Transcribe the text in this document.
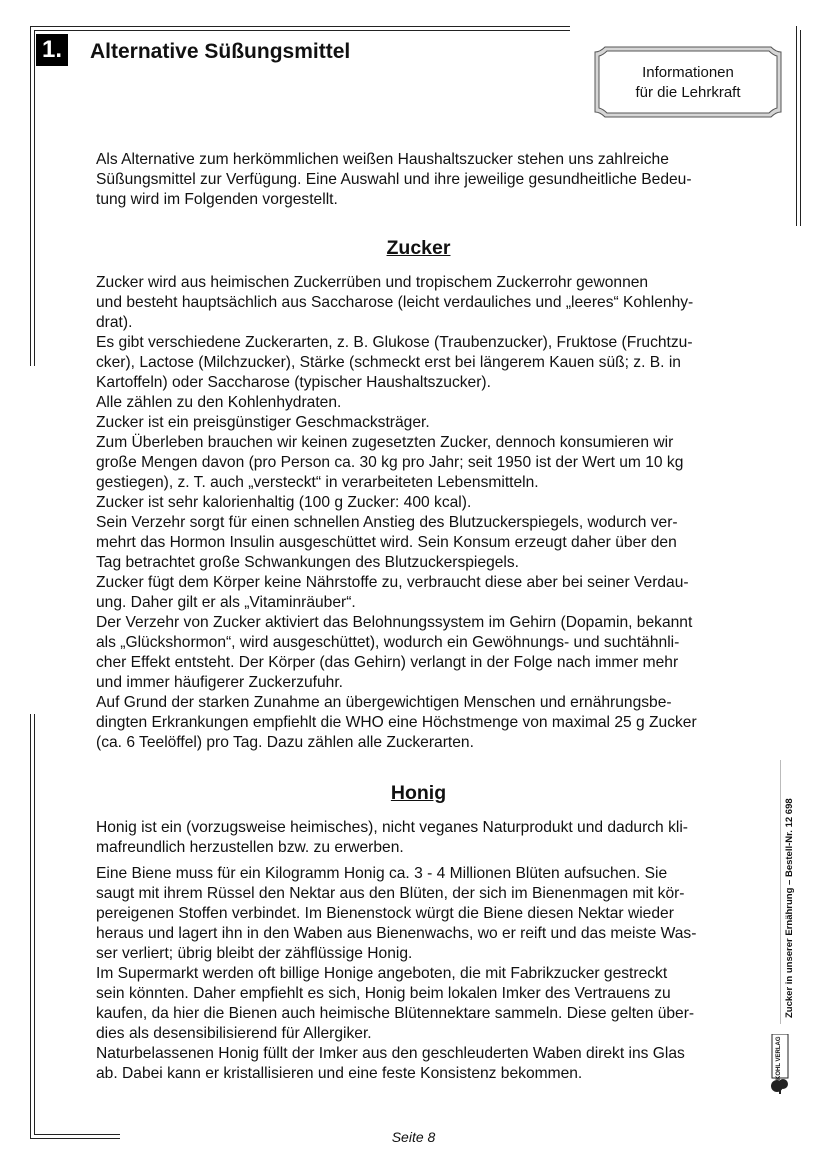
1. Alternative Süßungsmittel
Informationen
für die Lehrkraft

Als Alternative zum herkömmlichen weißen Haushaltszucker stehen uns zahlreiche

Süßungsmittel zur Verfügung. Eine Auswahl und ihre jeweilige gesundheitliche Bedeu-

tung wird im Folgenden vorgestellt.

Zucker

Zucker wird aus heimischen Zuckerrüben und tropischem Zuckerrohr gewonnen

und besteht hauptsächlich aus Saccharose (leicht verdauliches und „leeres“ Kohlenhy-

drat).

Es gibt verschiedene Zuckerarten, z. B. Glukose (Traubenzucker), Fruktose (Fruchtzu-

cker), Lactose (Milchzucker), Stärke (schmeckt erst bei längerem Kauen süß; z. B. in

Kartoffeln) oder Saccharose (typischer Haushaltszucker).

Alle zählen zu den Kohlenhydraten.

Zucker ist ein preisgünstiger Geschmacksträger.

Zum Überleben brauchen wir keinen zugesetzten Zucker, dennoch konsumieren wir

große Mengen davon (pro Person ca. 30 kg pro Jahr; seit 1950 ist der Wert um 10 kg

gestiegen), z. T. auch „versteckt“ in verarbeiteten Lebensmitteln.

Zucker ist sehr kalorienhaltig (100 g Zucker: 400 kcal).

Sein Verzehr sorgt für einen schnellen Anstieg des Blutzuckerspiegels, wodurch ver-

mehrt das Hormon Insulin ausgeschüttet wird. Sein Konsum erzeugt daher über den

Tag betrachtet große Schwankungen des Blutzuckerspiegels.

Zucker fügt dem Körper keine Nährstoffe zu, verbraucht diese aber bei seiner Verdau-

ung. Daher gilt er als „Vitaminräuber“.

Der Verzehr von Zucker aktiviert das Belohnungssystem im Gehirn (Dopamin, bekannt

als „Glückshormon“, wird ausgeschüttet), wodurch ein Gewöhnungs- und suchtähnli-

cher Effekt entsteht. Der Körper (das Gehirn) verlangt in der Folge nach immer mehr

und immer häufigerer Zuckerzufuhr.

Auf Grund der starken Zunahme an übergewichtigen Menschen und ernährungsbe-

dingten Erkrankungen empfiehlt die WHO eine Höchstmenge von maximal 25 g Zucker

(ca. 6 Teelöffel) pro Tag. Dazu zählen alle Zuckerarten.

Honig

Honig ist ein (vorzugsweise heimisches), nicht veganes Naturprodukt und dadurch kli-

mafreundlich herzustellen bzw. zu erwerben.

Eine Biene muss für ein Kilogramm Honig ca. 3 - 4 Millionen Blüten aufsuchen. Sie

saugt mit ihrem Rüssel den Nektar aus den Blüten, der sich im Bienenmagen mit kör-

pereigenen Stoffen verbindet. Im Bienenstock würgt die Biene diesen Nektar wieder

heraus und lagert ihn in den Waben aus Bienenwachs, wo er reift und das meiste Was-

ser verliert; übrig bleibt der zähflüssige Honig.

Im Supermarkt werden oft billige Honige angeboten, die mit Fabrikzucker gestreckt

sein könnten. Daher empfiehlt es sich, Honig beim lokalen Imker des Vertrauens zu

kaufen, da hier die Bienen auch heimische Blütennektare sammeln. Diese gelten über-

dies als desensibilisierend für Allergiker.

Naturbelassenen Honig füllt der Imker aus den geschleuderten Waben direkt ins Glas

ab. Dabei kann er kristallisieren und eine feste Konsistenz bekommen.

Zucker in unserer Ernährung – Bestell-Nr. 12 698
KOHL VERLAG
Seite 8
